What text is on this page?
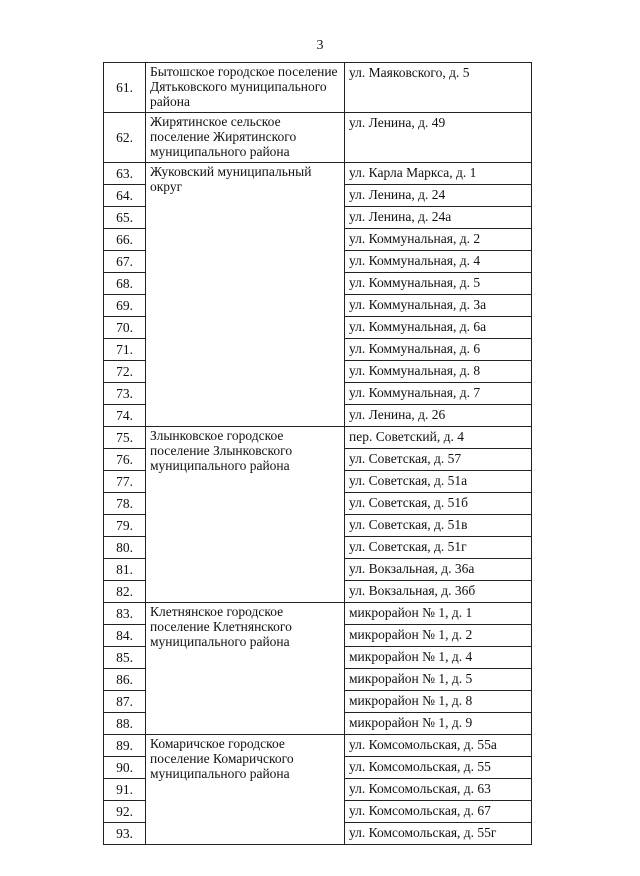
3
61.	Бытошское городское поселение Дятьковского муниципального района	ул. Маяковского, д. 5
62.	Жирятинское сельское поселение Жирятинского муниципального района	ул. Ленина, д. 49
63.	Жуковский муниципальный округ	ул. Карла Маркса, д. 1
64.		ул. Ленина, д. 24
65.		ул. Ленина, д. 24а
66.		ул. Коммунальная, д. 2
67.		ул. Коммунальная, д. 4
68.		ул. Коммунальная, д. 5
69.		ул. Коммунальная, д. 3а
70.		ул. Коммунальная, д. 6а
71.		ул. Коммунальная, д. 6
72.		ул. Коммунальная, д. 8
73.		ул. Коммунальная, д. 7
74.		ул. Ленина, д. 26
75.	Злынковское городское поселение Злынковского муниципального района	пер. Советский, д. 4
76.		ул. Советская, д. 57
77.		ул. Советская, д. 51а
78.		ул. Советская, д. 51б
79.		ул. Советская, д. 51в
80.		ул. Советская, д. 51г
81.		ул. Вокзальная, д. 36а
82.		ул. Вокзальная, д. 36б
83.	Клетнянское городское поселение Клетнянского муниципального района	микрорайон № 1, д. 1
84.		микрорайон № 1, д. 2
85.		микрорайон № 1, д. 4
86.		микрорайон № 1, д. 5
87.		микрорайон № 1, д. 8
88.		микрорайон № 1, д. 9
89.	Комаричское городское поселение Комаричского муниципального района	ул. Комсомольская, д. 55а
90.		ул. Комсомольская, д. 55
91.		ул. Комсомольская, д. 63
92.		ул. Комсомольская, д. 67
93.		ул. Комсомольская, д. 55г
